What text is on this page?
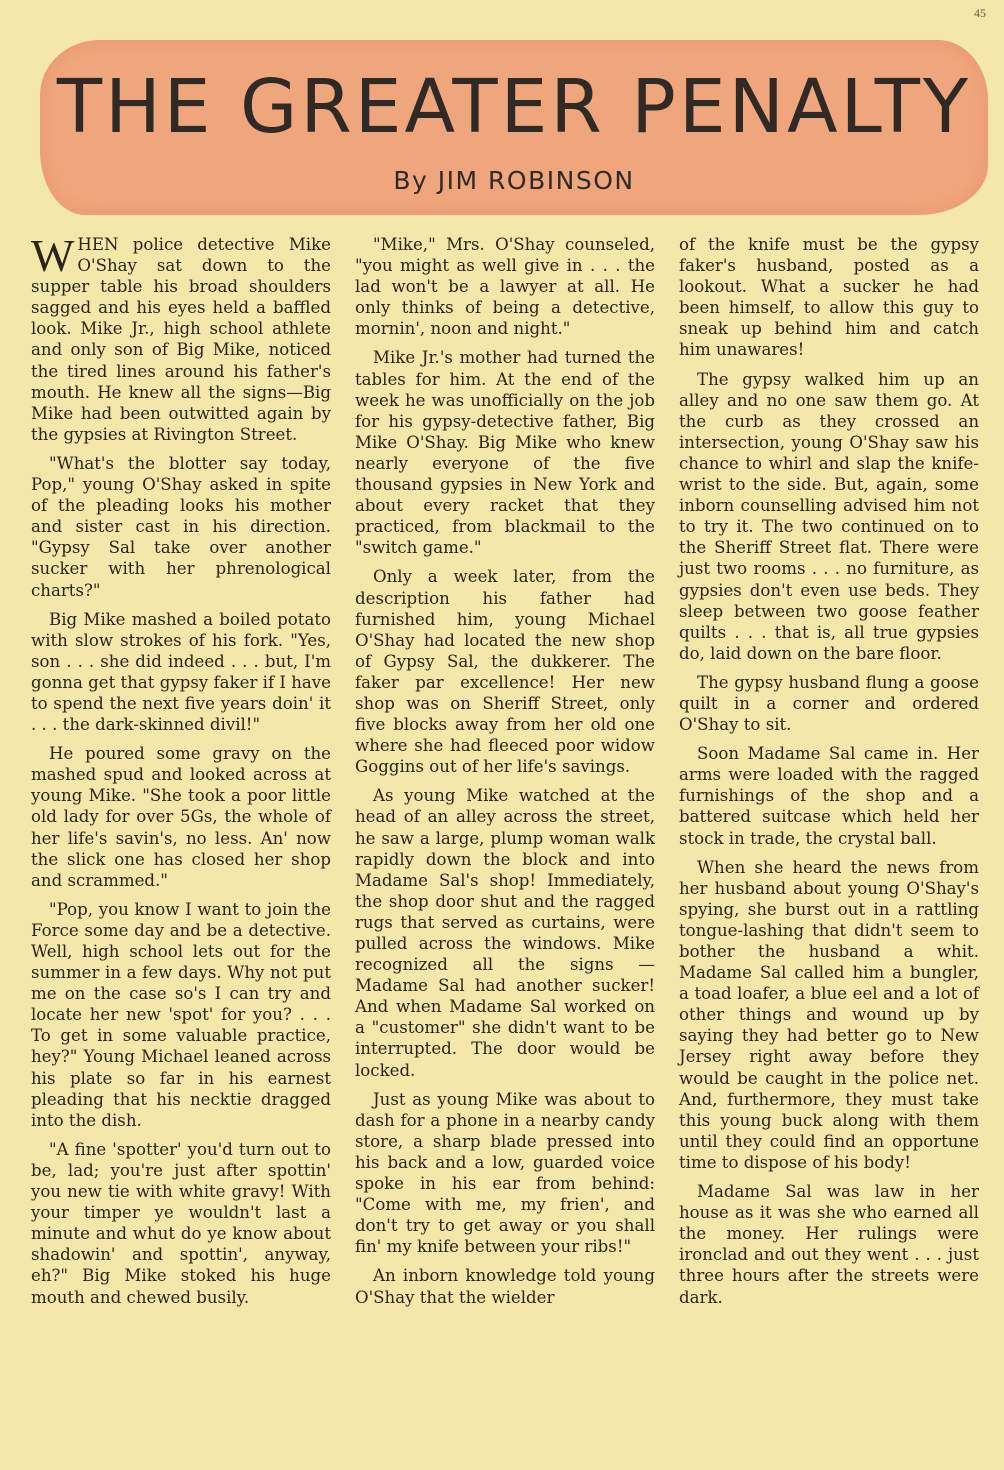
45
THE GREATER PENALTY
By JIM ROBINSON

WHEN police detective Mike O'Shay sat down to the supper table his broad shoulders sagged and his eyes held a baffled look. Mike Jr., high school athlete and only son of Big Mike, noticed the tired lines around his father's mouth. He knew all the signs—Big Mike had been outwitted again by the gypsies at Rivington Street.

"What's the blotter say today, Pop," young O'Shay asked in spite of the pleading looks his mother and sister cast in his direction. "Gypsy Sal take over another sucker with her phrenological charts?"

Big Mike mashed a boiled potato with slow strokes of his fork. "Yes, son . . . she did indeed . . . but, I'm gonna get that gypsy faker if I have to spend the next five years doin' it . . . the dark-skinned divil!"

He poured some gravy on the mashed spud and looked across at young Mike. "She took a poor little old lady for over 5Gs, the whole of her life's savin's, no less. An' now the slick one has closed her shop and scrammed."

"Pop, you know I want to join the Force some day and be a detective. Well, high school lets out for the summer in a few days. Why not put me on the case so's I can try and locate her new 'spot' for you? . . . To get in some valuable practice, hey?" Young Michael leaned across his plate so far in his earnest pleading that his necktie dragged into the dish.

"A fine 'spotter' you'd turn out to be, lad; you're just after spottin' you new tie with white gravy! With your timper ye wouldn't last a minute and whut do ye know about shadowin' and spottin', anyway, eh?" Big Mike stoked his huge mouth and chewed busily.

"Mike," Mrs. O'Shay counseled, "you might as well give in . . . the lad won't be a lawyer at all. He only thinks of being a detective, mornin', noon and night."

Mike Jr.'s mother had turned the tables for him. At the end of the week he was unofficially on the job for his gypsy-detective father, Big Mike O'Shay. Big Mike who knew nearly everyone of the five thousand gypsies in New York and about every racket that they practiced, from blackmail to the "switch game."

Only a week later, from the description his father had furnished him, young Michael O'Shay had located the new shop of Gypsy Sal, the dukkerer. The faker par excellence! Her new shop was on Sheriff Street, only five blocks away from her old one where she had fleeced poor widow Goggins out of her life's savings.

As young Mike watched at the head of an alley across the street, he saw a large, plump woman walk rapidly down the block and into Madame Sal's shop! Immediately, the shop door shut and the ragged rugs that served as curtains, were pulled across the windows. Mike recognized all the signs — Madame Sal had another sucker! And when Madame Sal worked on a "customer" she didn't want to be interrupted. The door would be locked.

Just as young Mike was about to dash for a phone in a nearby candy store, a sharp blade pressed into his back and a low, guarded voice spoke in his ear from behind: "Come with me, my frien', and don't try to get away or you shall fin' my knife between your ribs!"

An inborn knowledge told young O'Shay that the wielder

of the knife must be the gypsy faker's husband, posted as a lookout. What a sucker he had been himself, to allow this guy to sneak up behind him and catch him unawares!

The gypsy walked him up an alley and no one saw them go. At the curb as they crossed an intersection, young O'Shay saw his chance to whirl and slap the knife-wrist to the side. But, again, some inborn counselling advised him not to try it. The two continued on to the Sheriff Street flat. There were just two rooms . . . no furniture, as gypsies don't even use beds. They sleep between two goose feather quilts . . . that is, all true gypsies do, laid down on the bare floor.

The gypsy husband flung a goose quilt in a corner and ordered O'Shay to sit.

Soon Madame Sal came in. Her arms were loaded with the ragged furnishings of the shop and a battered suitcase which held her stock in trade, the crystal ball.

When she heard the news from her husband about young O'Shay's spying, she burst out in a rattling tongue-lashing that didn't seem to bother the husband a whit. Madame Sal called him a bungler, a toad loafer, a blue eel and a lot of other things and wound up by saying they had better go to New Jersey right away before they would be caught in the police net. And, furthermore, they must take this young buck along with them until they could find an opportune time to dispose of his body!

Madame Sal was law in her house as it was she who earned all the money. Her rulings were ironclad and out they went . . . just three hours after the streets were dark.
